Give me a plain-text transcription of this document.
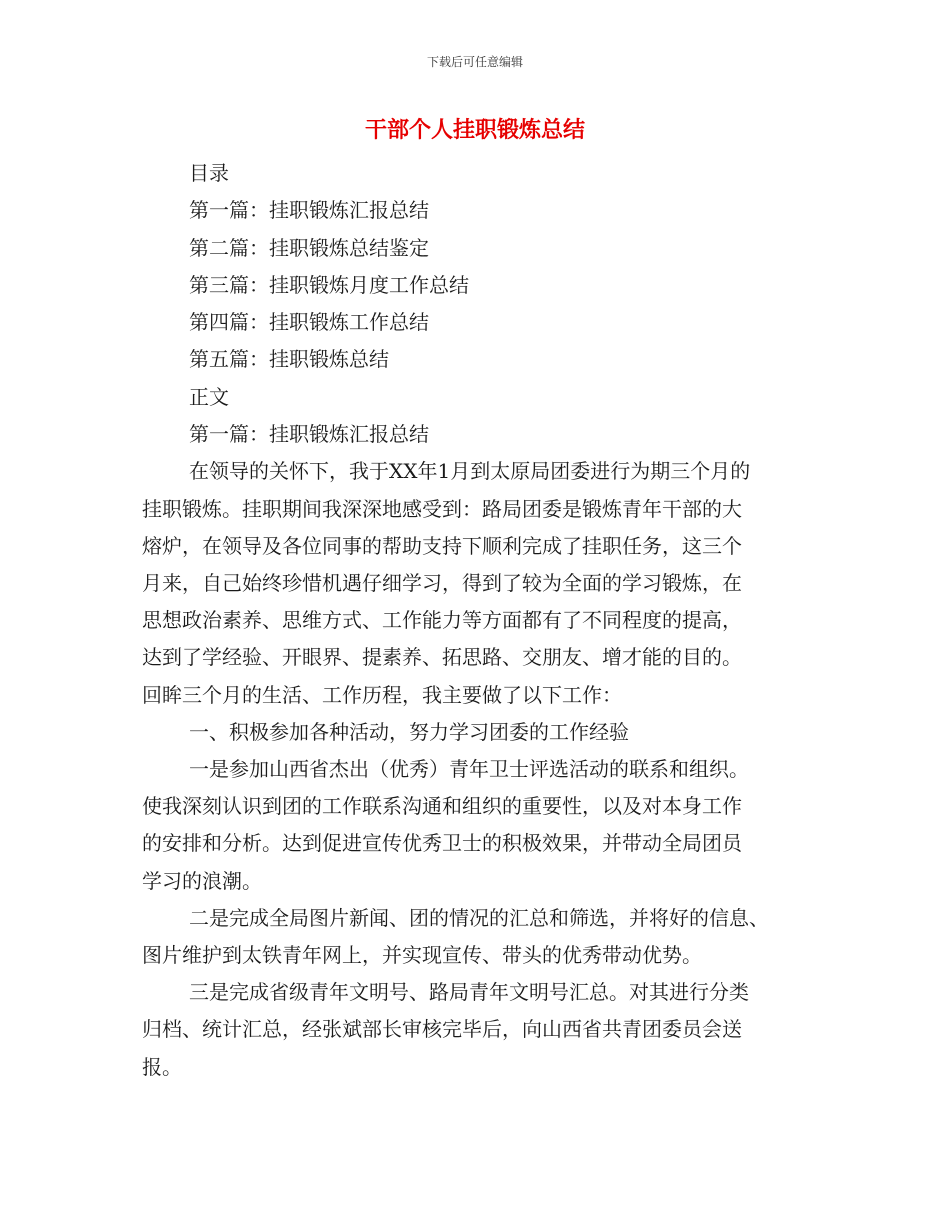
下载后可任意编辑
干部个人挂职锻炼总结
目录
第一篇：挂职锻炼汇报总结
第二篇：挂职锻炼总结鉴定
第三篇：挂职锻炼月度工作总结
第四篇：挂职锻炼工作总结
第五篇：挂职锻炼总结
正文
第一篇：挂职锻炼汇报总结

在领导的关怀下，我于XX年1月到太原局团委进行为期三个月的
挂职锻炼。挂职期间我深深地感受到：路局团委是锻炼青年干部的大
熔炉，在领导及各位同事的帮助支持下顺利完成了挂职任务，这三个
月来，自己始终珍惜机遇仔细学习，得到了较为全面的学习锻炼，在
思想政治素养、思维方式、工作能力等方面都有了不同程度的提高，
达到了学经验、开眼界、提素养、拓思路、交朋友、增才能的目的。
回眸三个月的生活、工作历程，我主要做了以下工作：

一、积极参加各种活动，努力学习团委的工作经验

一是参加山西省杰出（优秀）青年卫士评选活动的联系和组织。
使我深刻认识到团的工作联系沟通和组织的重要性，以及对本身工作
的安排和分析。达到促进宣传优秀卫士的积极效果，并带动全局团员
学习的浪潮。

二是完成全局图片新闻、团的情况的汇总和筛选，并将好的信息、
图片维护到太铁青年网上，并实现宣传、带头的优秀带动优势。

三是完成省级青年文明号、路局青年文明号汇总。对其进行分类
归档、统计汇总，经张斌部长审核完毕后，向山西省共青团委员会送
报。
